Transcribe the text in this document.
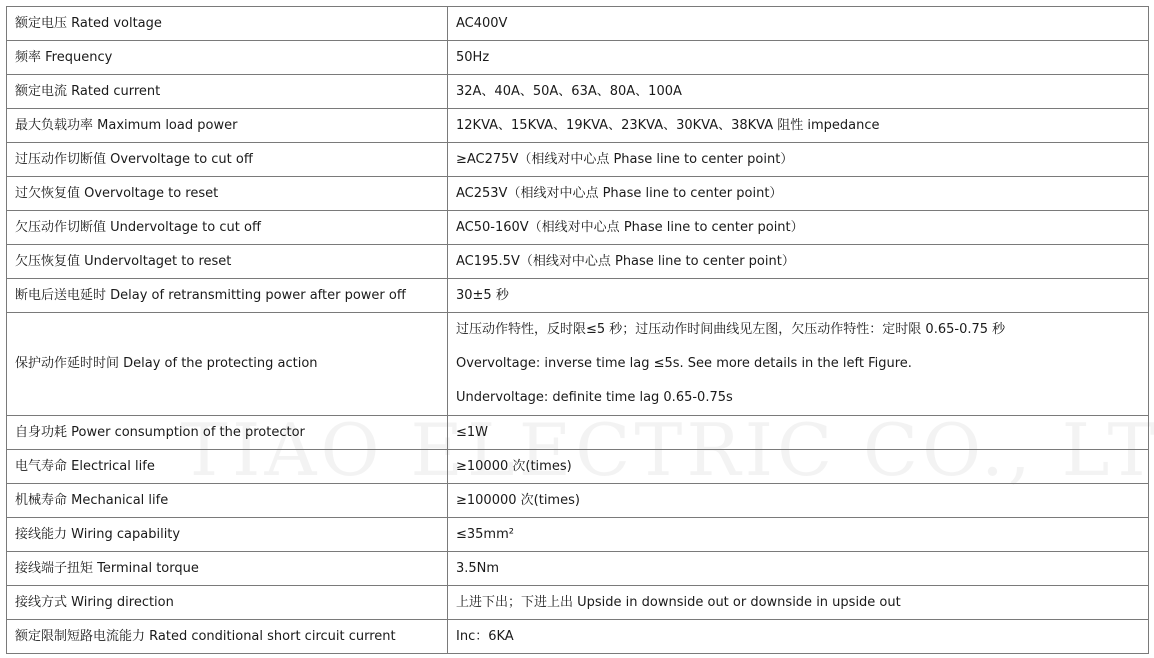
额定电压 Rated voltage	AC400V
频率 Frequency	50Hz
额定电流 Rated current	32A、40A、50A、63A、80A、100A
最大负载功率 Maximum load power	12KVA、15KVA、19KVA、23KVA、30KVA、38KVA 阻性 impedance
过压动作切断值 Overvoltage to cut off	≥AC275V（相线对中心点 Phase line to center point）
过欠恢复值 Overvoltage to reset	AC253V（相线对中心点 Phase line to center point）
欠压动作切断值 Undervoltage to cut off	AC50-160V（相线对中心点 Phase line to center point）
欠压恢复值 Undervoltaget to reset	AC195.5V（相线对中心点 Phase line to center point）
断电后送电延时 Delay of retransmitting power after power off	30±5 秒
保护动作延时时间 Delay of the protecting action	过压动作特性，反时限≤5 秒；过压动作时间曲线见左图，欠压动作特性：定时限 0.65-0.75 秒
Overvoltage: inverse time lag ≤5s. See more details in the left Figure.
Undervoltage: definite time lag 0.65-0.75s

自身功耗 Power consumption of the protector	≤1W
电气寿命 Electrical life	≥10000 次(times)
机械寿命 Mechanical life	≥100000 次(times)
接线能力 Wiring capability	≤35mm²
接线端子扭矩 Terminal torque	3.5Nm
接线方式 Wiring direction	上进下出；下进上出 Upside in downside out or downside in upside out
额定限制短路电流能力 Rated conditional short circuit current	Inc：6KA
